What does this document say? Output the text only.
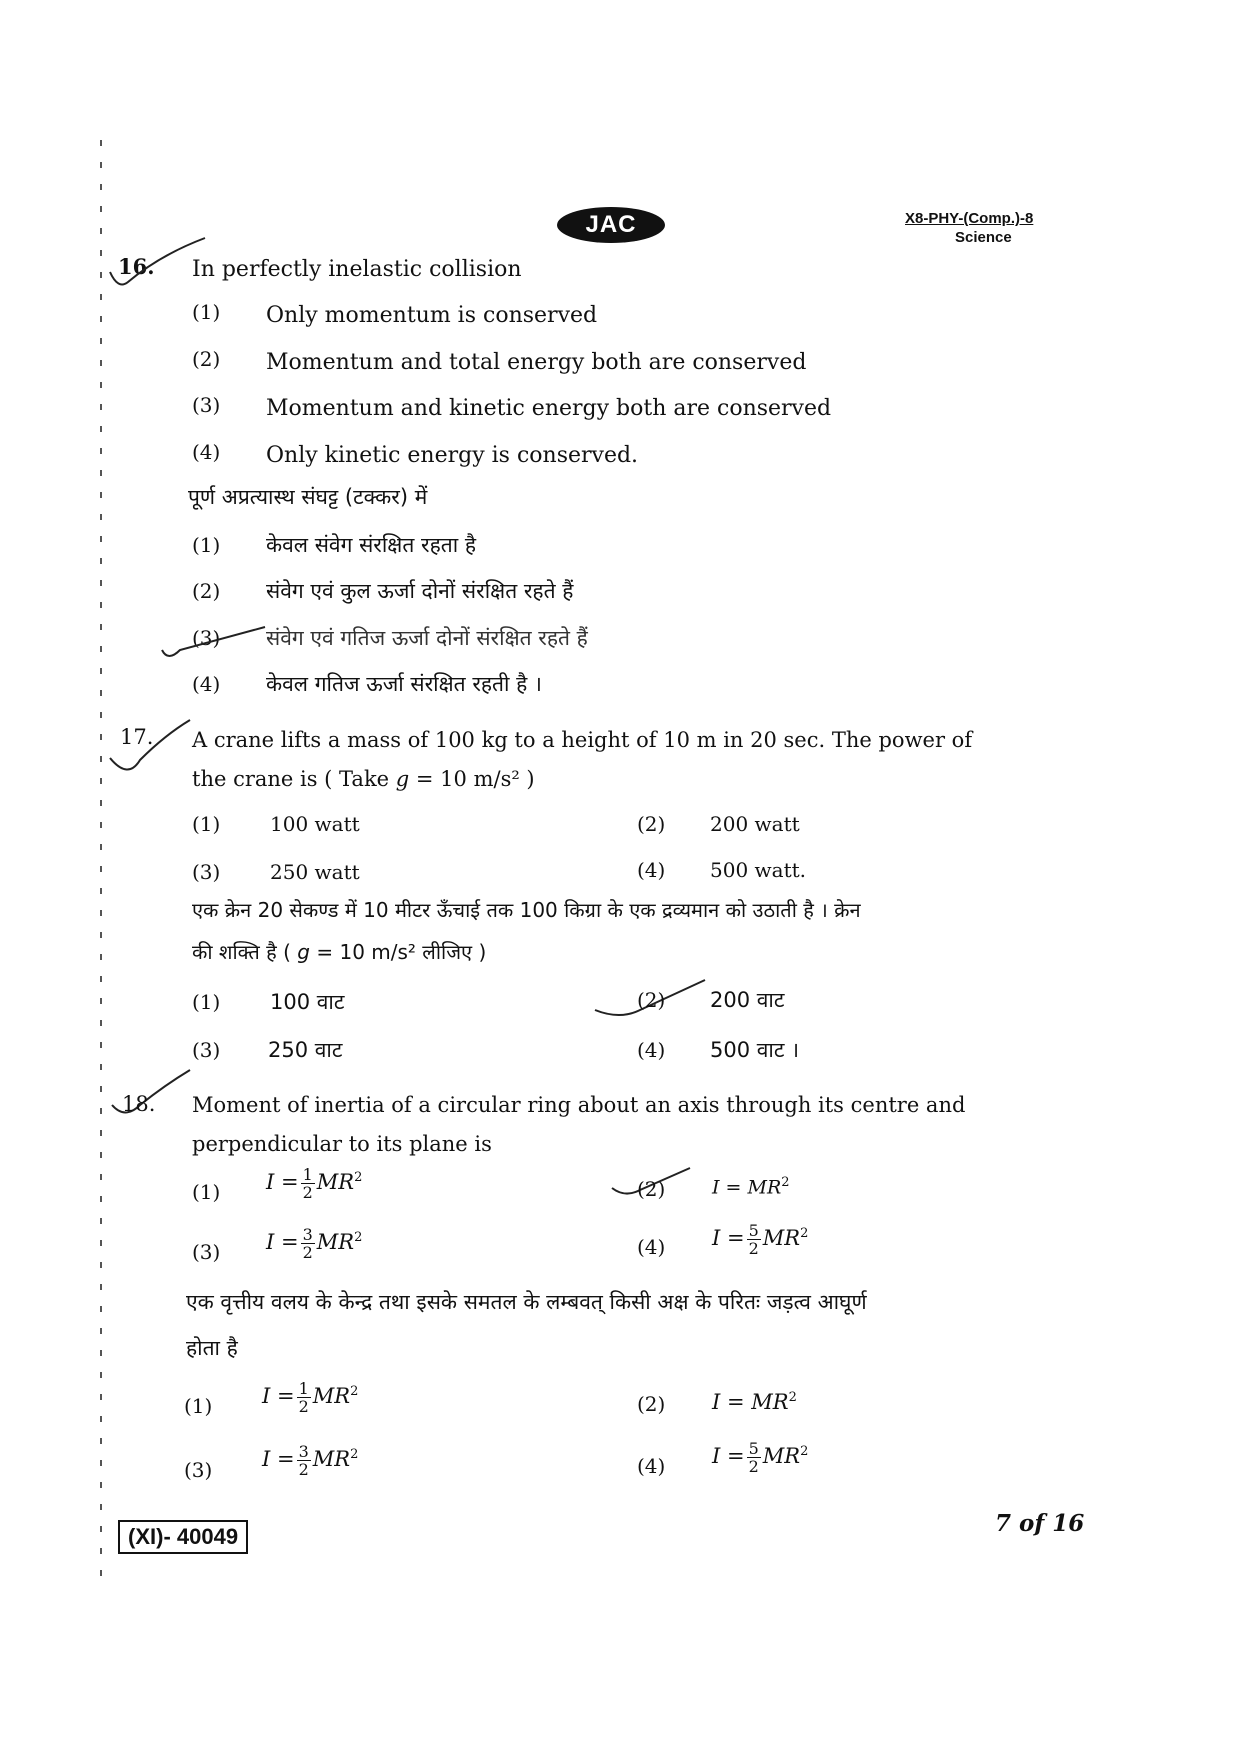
JAC	X8-PHY-(Comp.)-8
Science
16. In perfectly inelastic collision
(1) Only momentum is conserved
(2) Momentum and total energy both are conserved
(3) Momentum and kinetic energy both are conserved
(4) Only kinetic energy is conserved.
पूर्ण अप्रत्यास्थ संघट्ट (टक्कर) में
(1) केवल संवेग संरक्षित रहता है
(2) संवेग एवं कुल ऊर्जा दोनों संरक्षित रहते हैं
(3) संवेग एवं गतिज ऊर्जा दोनों संरक्षित रहते हैं
(4) केवल गतिज ऊर्जा संरक्षित रहती है ।
17. A crane lifts a mass of 100 kg to a height of 10 m in 20 sec. The power of
the crane is ( Take g = 10 m/s² )
(1) 100 watt	(2) 200 watt
(3) 250 watt	(4) 500 watt.
एक क्रेन 20 सेकण्ड में 10 मीटर ऊँचाई तक 100 किग्रा के एक द्रव्यमान को उठाती है । क्रेन
की शक्ति है ( g = 10 m/s² लीजिए )
(1) 100 वाट	(2) 200 वाट
(3) 250 वाट	(4) 500 वाट ।
18. Moment of inertia of a circular ring about an axis through its centre and
perpendicular to its plane is
(1) $I = \frac{1}{2} MR^2$	(2) $I = MR^2$
(3) $I = \frac{3}{2} MR^2$	(4) $I = \frac{5}{2} MR^2$
एक वृत्तीय वलय के केन्द्र तथा इसके समतल के लम्बवत् किसी अक्ष के परितः जड़त्व आघूर्ण
होता है
(1) $I = \frac{1}{2} MR^2$
(2) $I = MR^2$
(3) $I = \frac{3}{2} MR^2$	(4) $I = \frac{5}{2} MR^2$
(XI)- 40049	7 of 16
